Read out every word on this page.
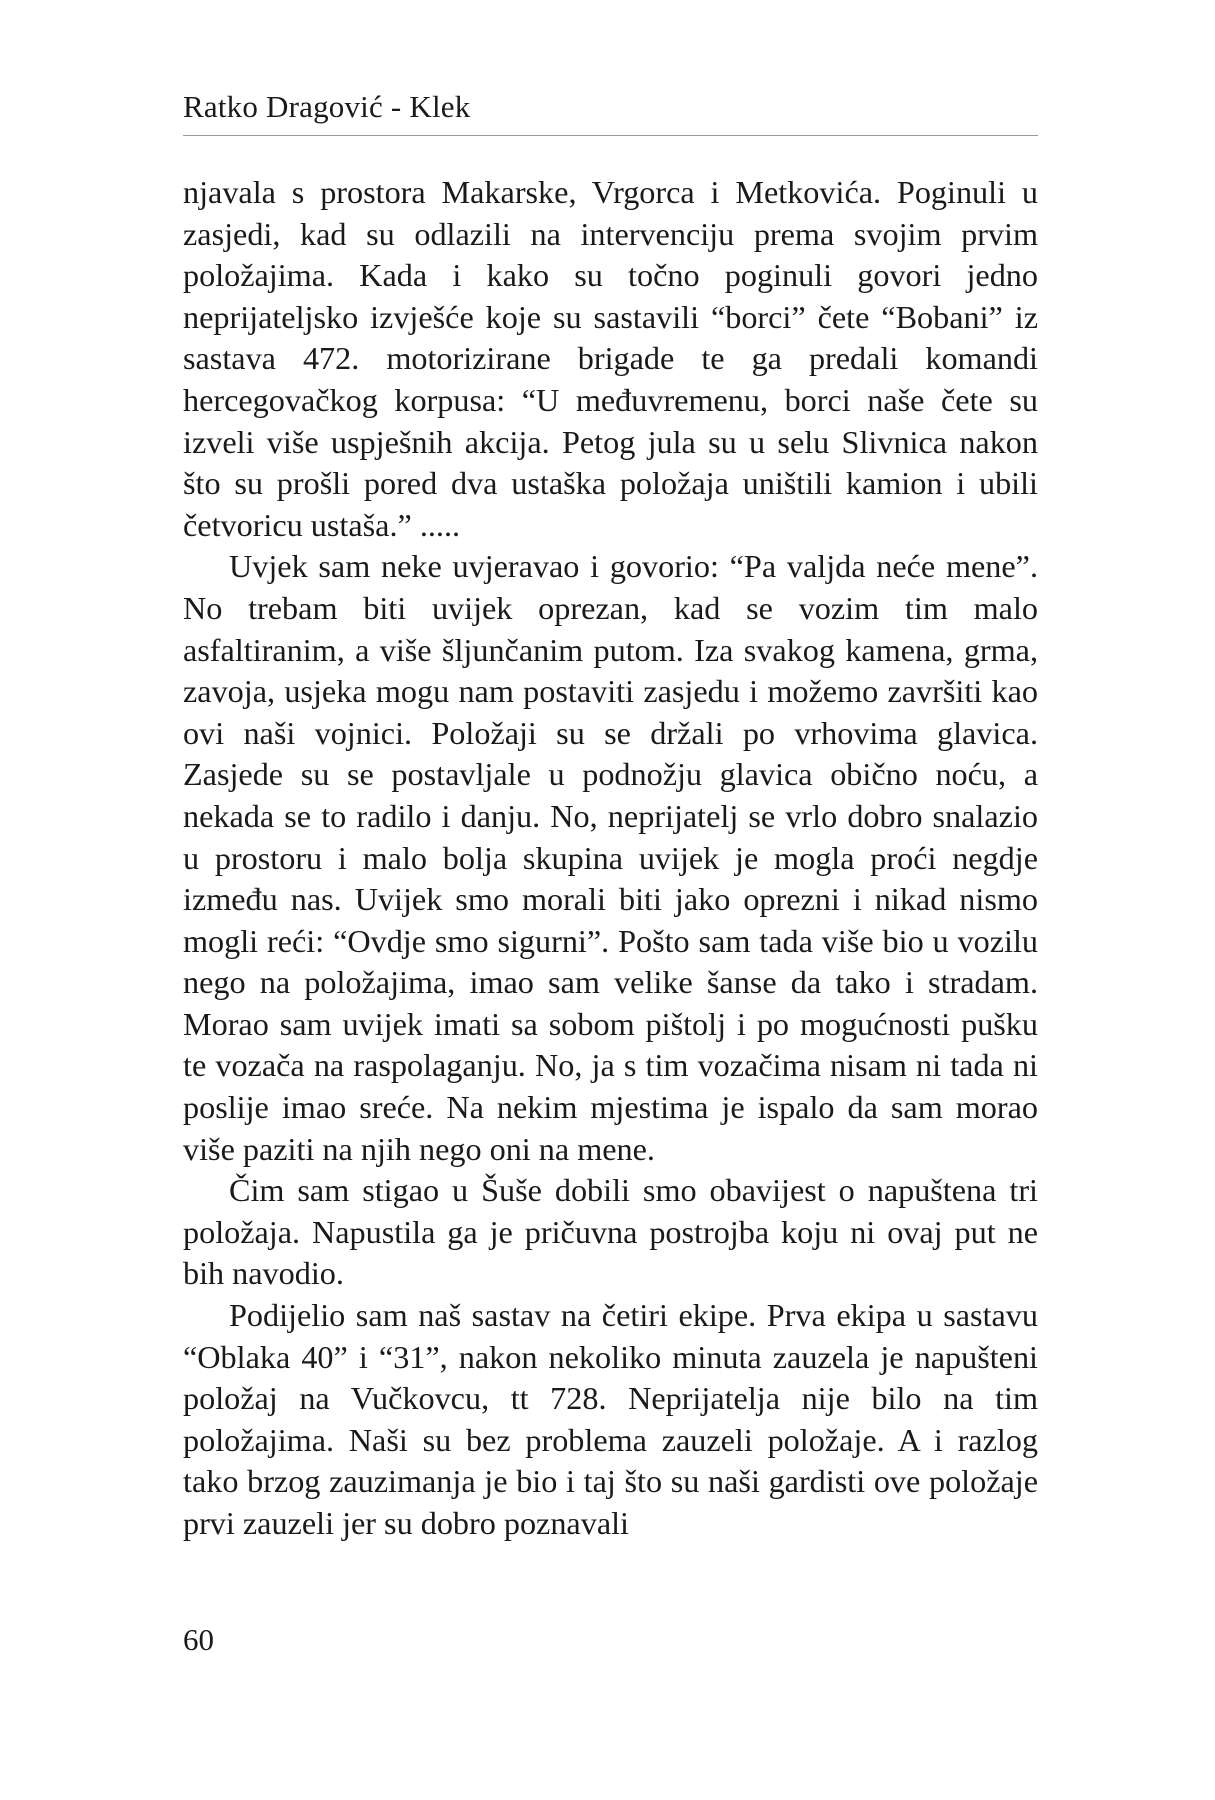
Ratko Dragović - Klek

njavala s prostora Makarske, Vrgorca i Metkovića. Poginuli u zasjedi, kad su odlazili na intervenciju prema svojim prvim položajima. Kada i kako su točno poginuli govori jedno neprijateljsko izvješće koje su sastavili “borci” čete “Bobani” iz sastava 472. motorizirane brigade te ga predali komandi hercegovačkog korpusa: “U međuvremenu, borci naše čete su izveli više uspješnih akcija. Petog jula su u selu Slivnica nakon što su prošli pored dva ustaška položaja uništili kamion i ubili četvoricu ustaša.” .....

Uvjek sam neke uvjeravao i govorio: “Pa valjda neće mene”. No trebam biti uvijek oprezan, kad se vozim tim malo asfaltiranim, a više šljunčanim putom. Iza svakog kamena, grma, zavoja, usjeka mogu nam postaviti zasjedu i možemo završiti kao ovi naši vojnici. Položaji su se držali po vrhovima glavica. Zasjede su se postavljale u podnožju glavica obično noću, a nekada se to radilo i danju. No, neprijatelj se vrlo dobro snalazio u prostoru i malo bolja skupina uvijek je mogla proći negdje između nas. Uvijek smo morali biti jako oprezni i nikad nismo mogli reći: “Ovdje smo sigurni”. Pošto sam tada više bio u vozilu nego na položajima, imao sam velike šanse da tako i stradam. Morao sam uvijek imati sa sobom pištolj i po mogućnosti pušku te vozača na raspolaganju. No, ja s tim vozačima nisam ni tada ni poslije imao sreće. Na nekim mjestima je ispalo da sam morao više paziti na njih nego oni na mene.

Čim sam stigao u Šuše dobili smo obavijest o napuštena tri položaja. Napustila ga je pričuvna postrojba koju ni ovaj put ne bih navodio.

Podijelio sam naš sastav na četiri ekipe. Prva ekipa u sastavu “Oblaka 40” i “31”, nakon nekoliko minuta zauzela je napušteni položaj na Vučkovcu, tt 728. Neprijatelja nije bilo na tim položajima. Naši su bez problema zauzeli položaje. A i razlog tako brzog zauzimanja je bio i taj što su naši gardisti ove položaje prvi zauzeli jer su dobro poznavali

60
